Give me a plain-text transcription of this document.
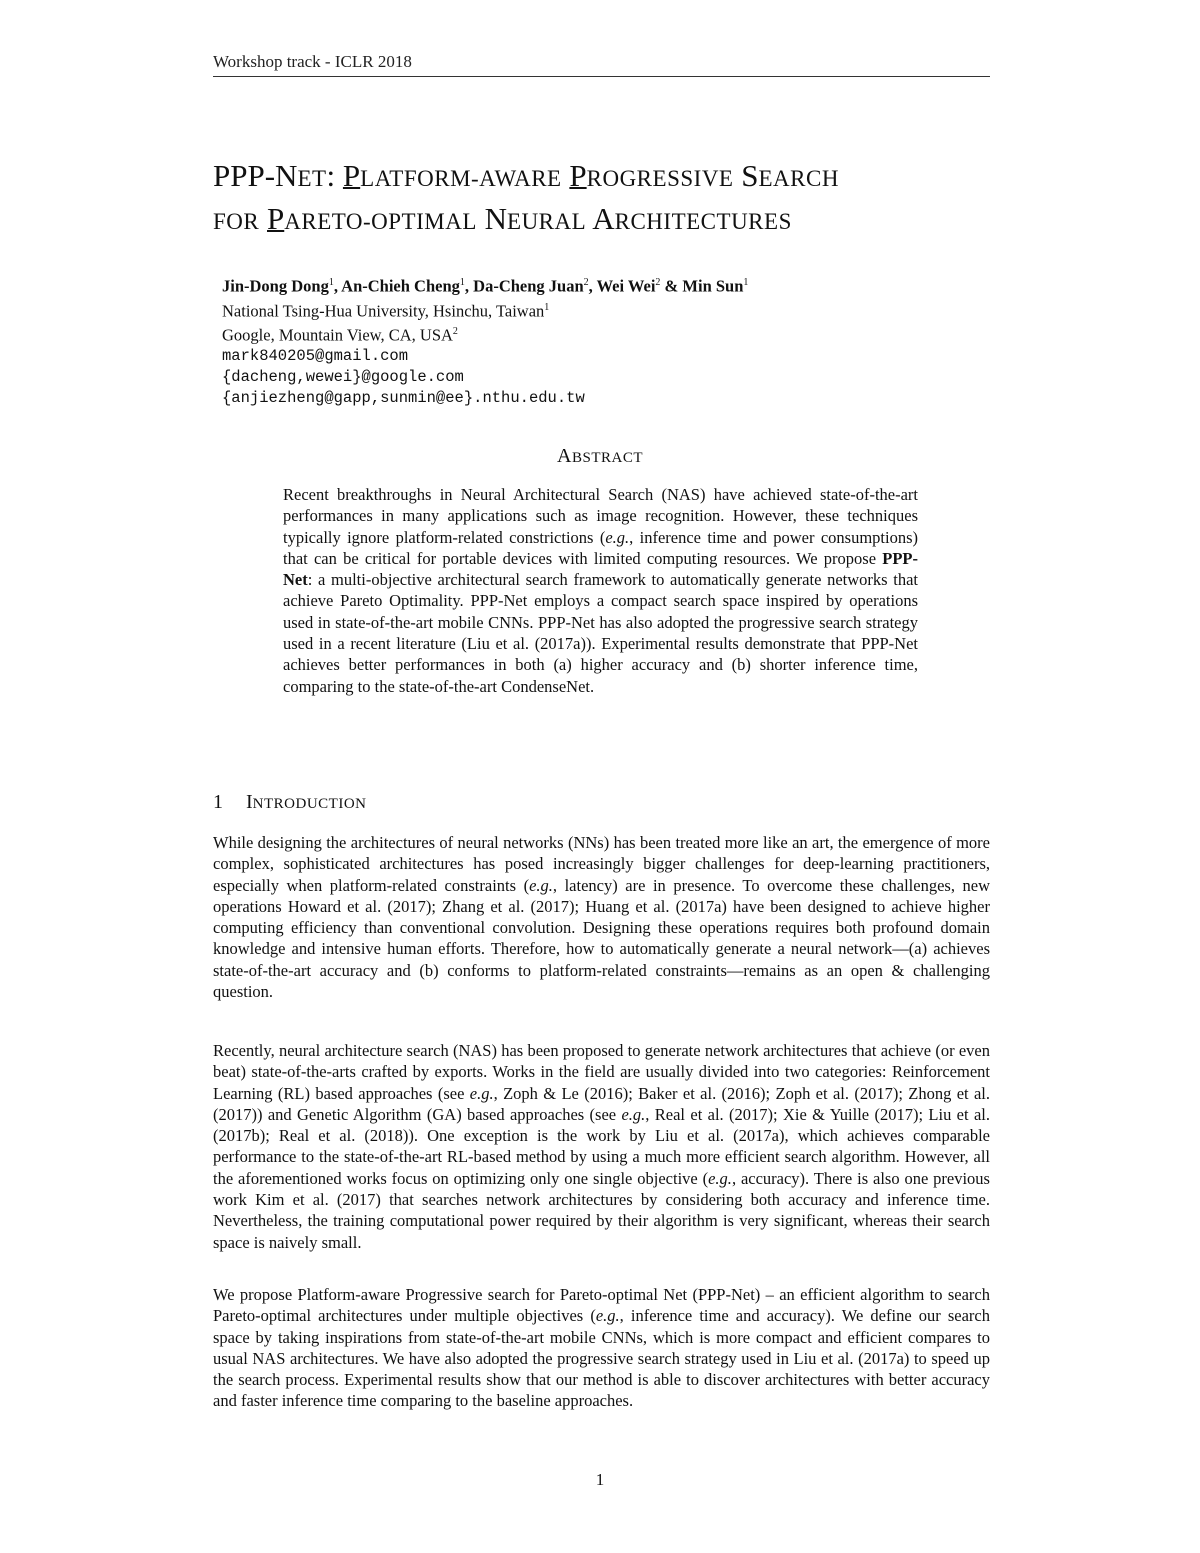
Workshop track - ICLR 2018
PPP-NET: PLATFORM-AWARE PROGRESSIVE SEARCH
FOR PARETO-OPTIMAL NEURAL ARCHITECTURES
Jin-Dong Dong$^1$, An-Chieh Cheng$^1$, Da-Cheng Juan$^2$, Wei Wei$^2$ & Min Sun$^1$
National Tsing-Hua University, Hsinchu, Taiwan$^1$
Google, Mountain View, CA, USA$^2$
mark840205@gmail.com
{dacheng,wewei}@google.com
{anjiezheng@gapp,sunmin@ee}.nthu.edu.tw
ABSTRACT
Recent breakthroughs in Neural Architectural Search (NAS) have achieved state-of-the-art performances in many applications such as image recognition. However, these techniques typically ignore platform-related constrictions (e.g., inference time and power consumptions) that can be critical for portable devices with limited computing resources. We propose PPP-Net: a multi-objective architectural search framework to automatically generate networks that achieve Pareto Optimality. PPP-Net employs a compact search space inspired by operations used in state-of-the-art mobile CNNs. PPP-Net has also adopted the progressive search strategy used in a recent literature (Liu et al. (2017a)). Experimental results demonstrate that PPP-Net achieves better performances in both (a) higher accuracy and (b) shorter inference time, comparing to the state-of-the-art CondenseNet.
1 INTRODUCTION
While designing the architectures of neural networks (NNs) has been treated more like an art, the emergence of more complex, sophisticated architectures has posed increasingly bigger challenges for deep-learning practitioners, especially when platform-related constraints (e.g., latency) are in presence. To overcome these challenges, new operations Howard et al. (2017); Zhang et al. (2017); Huang et al. (2017a) have been designed to achieve higher computing efficiency than conventional convolution. Designing these operations requires both profound domain knowledge and intensive human efforts. Therefore, how to automatically generate a neural network—(a) achieves state-of-the-art accuracy and (b) conforms to platform-related constraints—remains as an open & challenging question.
Recently, neural architecture search (NAS) has been proposed to generate network architectures that achieve (or even beat) state-of-the-arts crafted by exports. Works in the field are usually divided into two categories: Reinforcement Learning (RL) based approaches (see e.g., Zoph & Le (2016); Baker et al. (2016); Zoph et al. (2017); Zhong et al. (2017)) and Genetic Algorithm (GA) based approaches (see e.g., Real et al. (2017); Xie & Yuille (2017); Liu et al. (2017b); Real et al. (2018)). One exception is the work by Liu et al. (2017a), which achieves comparable performance to the state-of-the-art RL-based method by using a much more efficient search algorithm. However, all the aforementioned works focus on optimizing only one single objective (e.g., accuracy). There is also one previous work Kim et al. (2017) that searches network architectures by considering both accuracy and inference time. Nevertheless, the training computational power required by their algorithm is very significant, whereas their search space is naively small.
We propose Platform-aware Progressive search for Pareto-optimal Net (PPP-Net) – an efficient algorithm to search Pareto-optimal architectures under multiple objectives (e.g., inference time and accuracy). We define our search space by taking inspirations from state-of-the-art mobile CNNs, which is more compact and efficient compares to usual NAS architectures. We have also adopted the progressive search strategy used in Liu et al. (2017a) to speed up the search process. Experimental results show that our method is able to discover architectures with better accuracy and faster inference time comparing to the baseline approaches.
1
